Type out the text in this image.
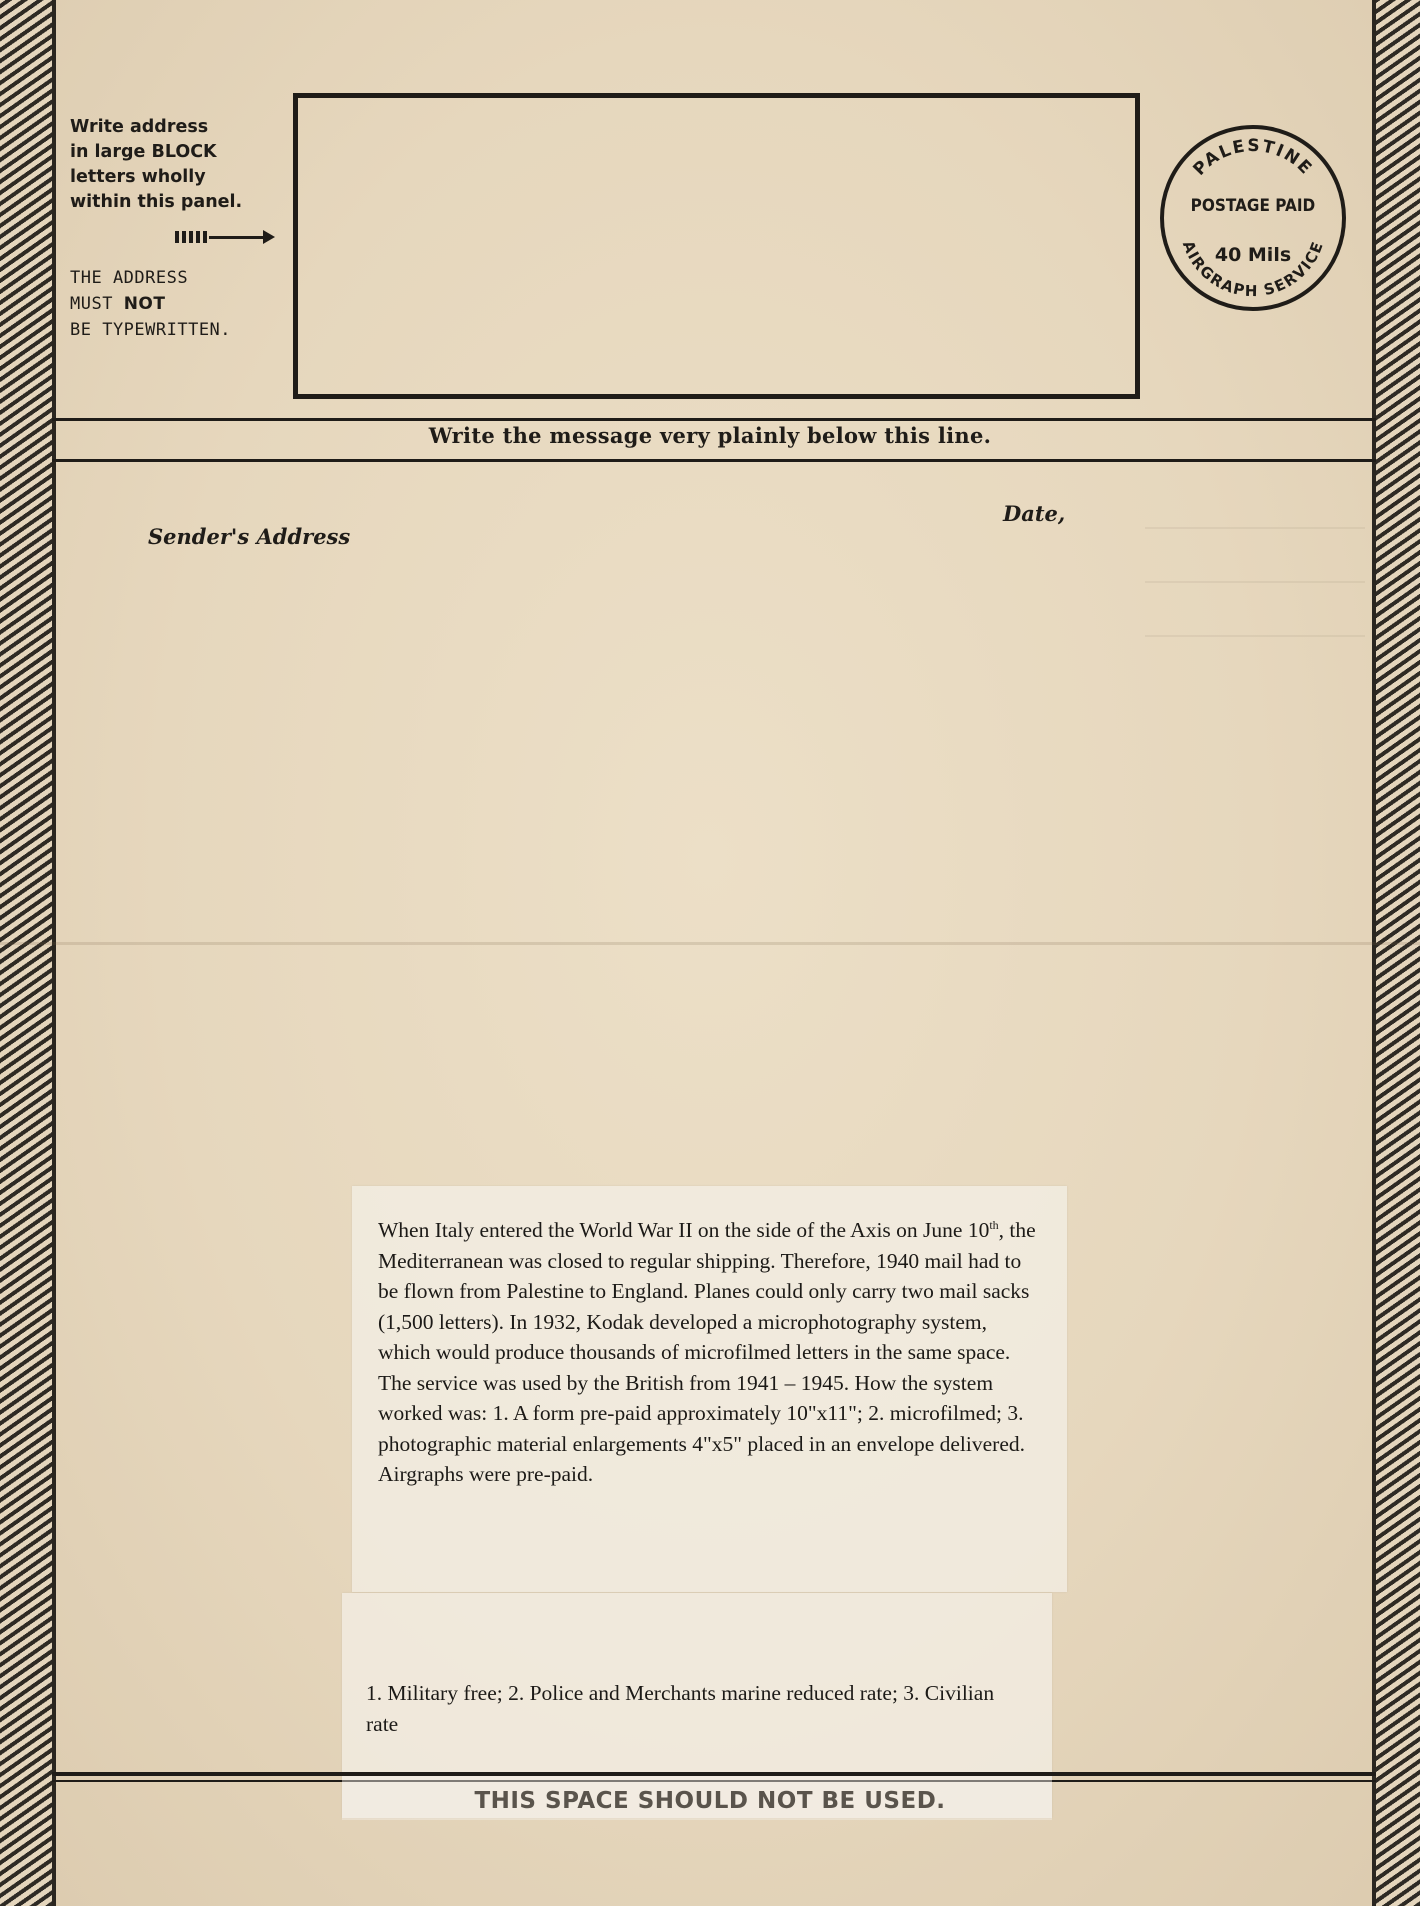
Write address
in large BLOCK
letters wholly
within this panel.

THE ADDRESS
MUST NOT
BE TYPEWRITTEN.
PALESTINE
AIRGRAPH SERVICE
POSTAGE PAID
40 Mils
Write the message very plainly below this line.
Sender's Address
Date,

When Italy entered the World War II on the side of the Axis on June 10th, the Mediterranean was closed to regular shipping. Therefore, 1940 mail had to be flown from Palestine to England. Planes could only carry two mail sacks (1,500 letters). In 1932, Kodak developed a microphotography system, which would produce thousands of microfilmed letters in the same space.

The service was used by the British from 1941 – 1945. How the system worked was: 1. A form pre-paid approximately 10"x11"; 2. microfilmed; 3. photographic material enlargements 4"x5" placed in an envelope delivered. Airgraphs were pre-paid.

1. Military free; 2. Police and Merchants marine reduced rate; 3. Civilian rate
THIS SPACE SHOULD NOT BE USED.
